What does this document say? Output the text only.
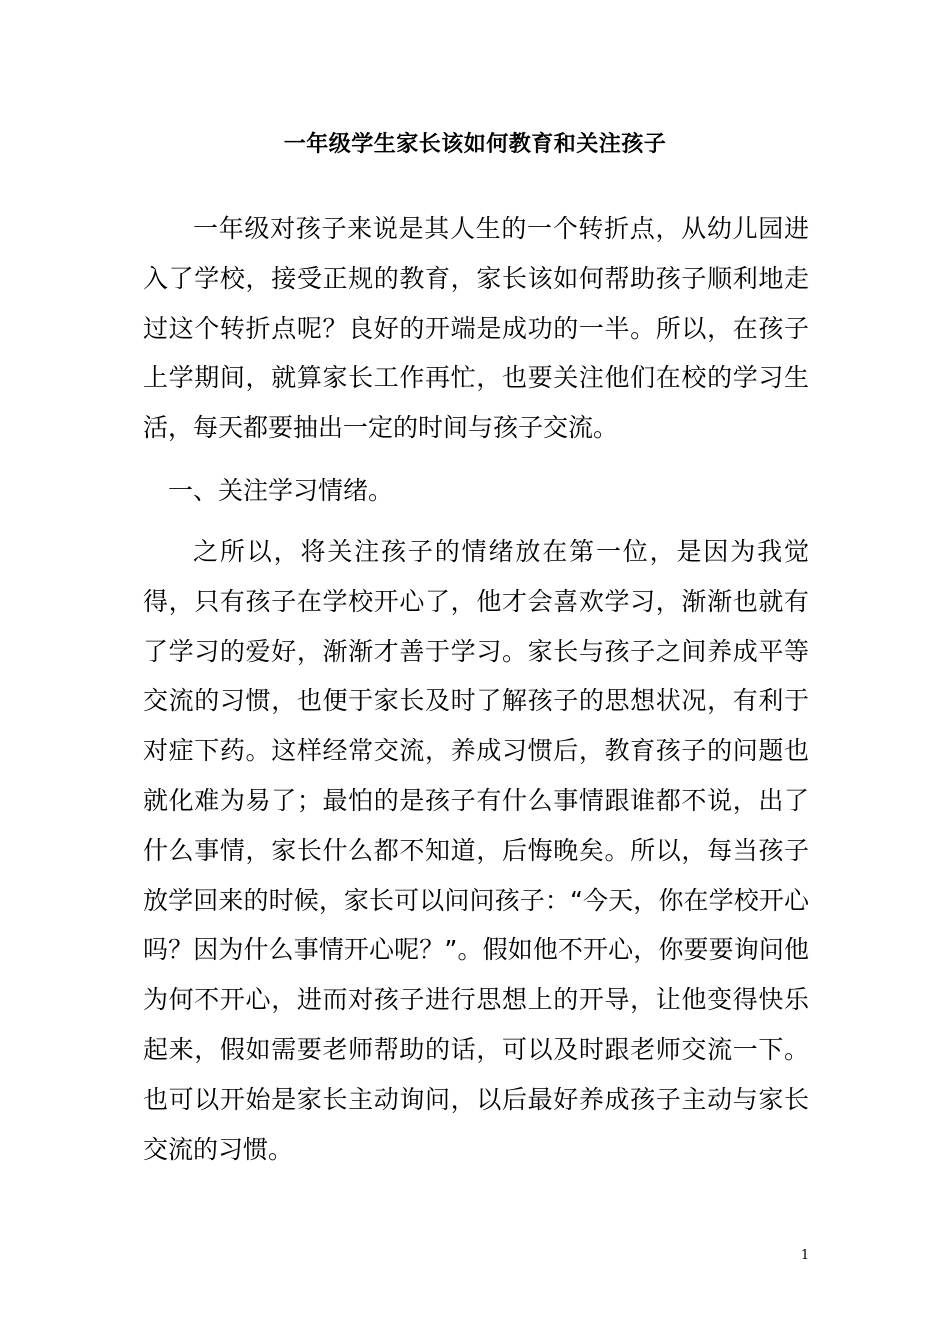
一年级学生家长该如何教育和关注孩子

一年级对孩子来说是其人生的一个转折点，从幼儿园进入了学校，接受正规的教育，家长该如何帮助孩子顺利地走过这个转折点呢？良好的开端是成功的一半。所以，在孩子上学期间，就算家长工作再忙，也要关注他们在校的学习生活，每天都要抽出一定的时间与孩子交流。

一、关注学习情绪。

之所以，将关注孩子的情绪放在第一位，是因为我觉得，只有孩子在学校开心了，他才会喜欢学习，渐渐也就有了学习的爱好，渐渐才善于学习。家长与孩子之间养成平等交流的习惯，也便于家长及时了解孩子的思想状况，有利于对症下药。这样经常交流，养成习惯后，教育孩子的问题也就化难为易了；最怕的是孩子有什么事情跟谁都不说，出了什么事情，家长什么都不知道，后悔晚矣。所以，每当孩子放学回来的时候，家长可以问问孩子：“今天，你在学校开心吗？因为什么事情开心呢？”。假如他不开心，你要要询问他为何不开心，进而对孩子进行思想上的开导，让他变得快乐起来，假如需要老师帮助的话，可以及时跟老师交流一下。也可以开始是家长主动询问，以后最好养成孩子主动与家长交流的习惯。

1
